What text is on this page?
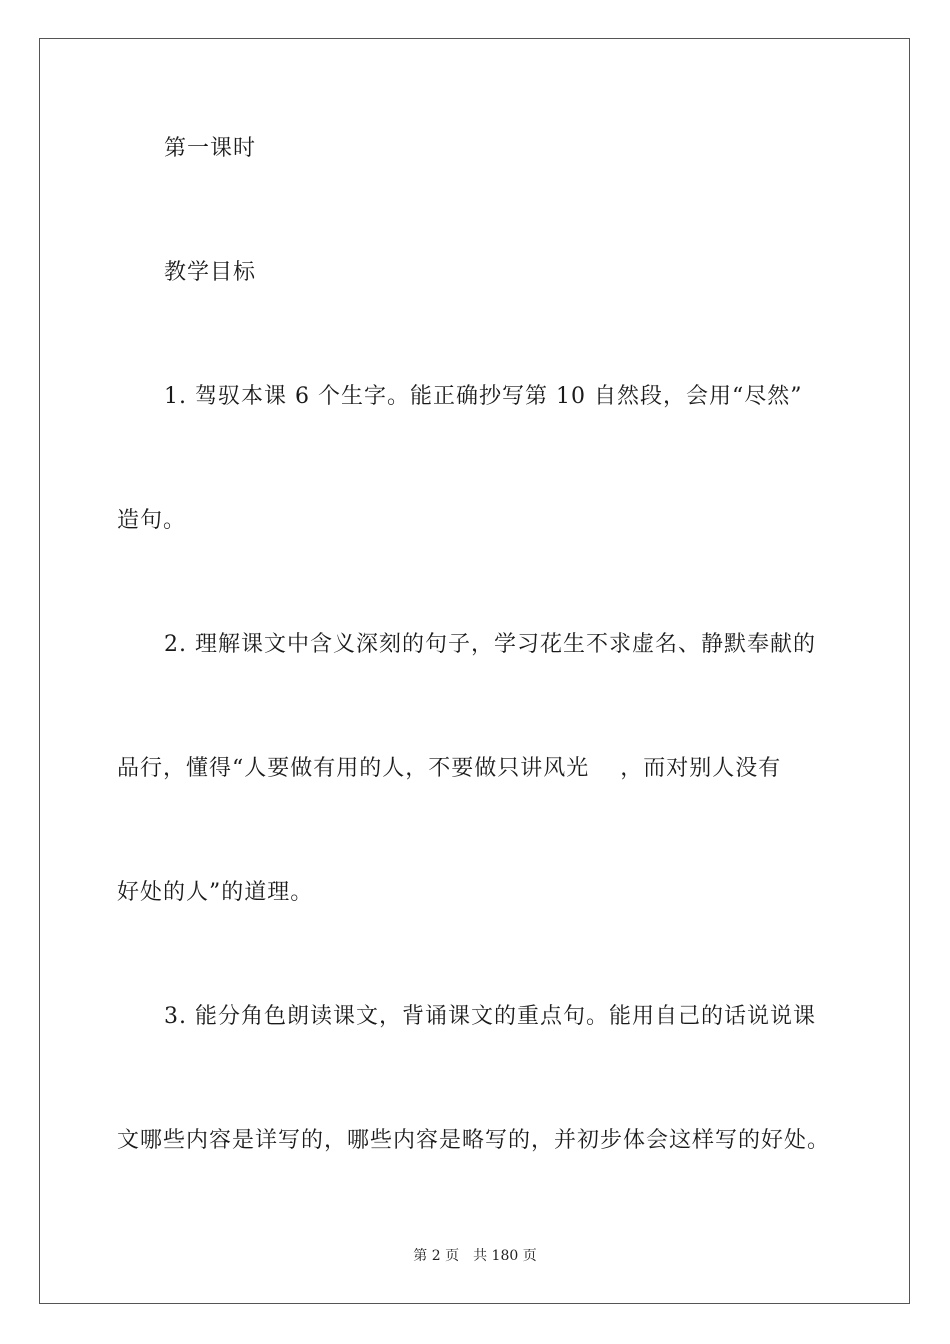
第一课时
教学目标
1. 驾驭本课 6 个生字。能正确抄写第 10 自然段，会用“尽然”
造句。
2. 理解课文中含义深刻的句子，学习花生不求虚名、静默奉献的
品行，懂得“人要做有用的人，不要做只讲风光　 ，而对别人没有
好处的人”的道理。
3. 能分角色朗读课文，背诵课文的重点句。能用自己的话说说课
文哪些内容是详写的，哪些内容是略写的，并初步体会这样写的好处。
第 2 页 共 180 页
